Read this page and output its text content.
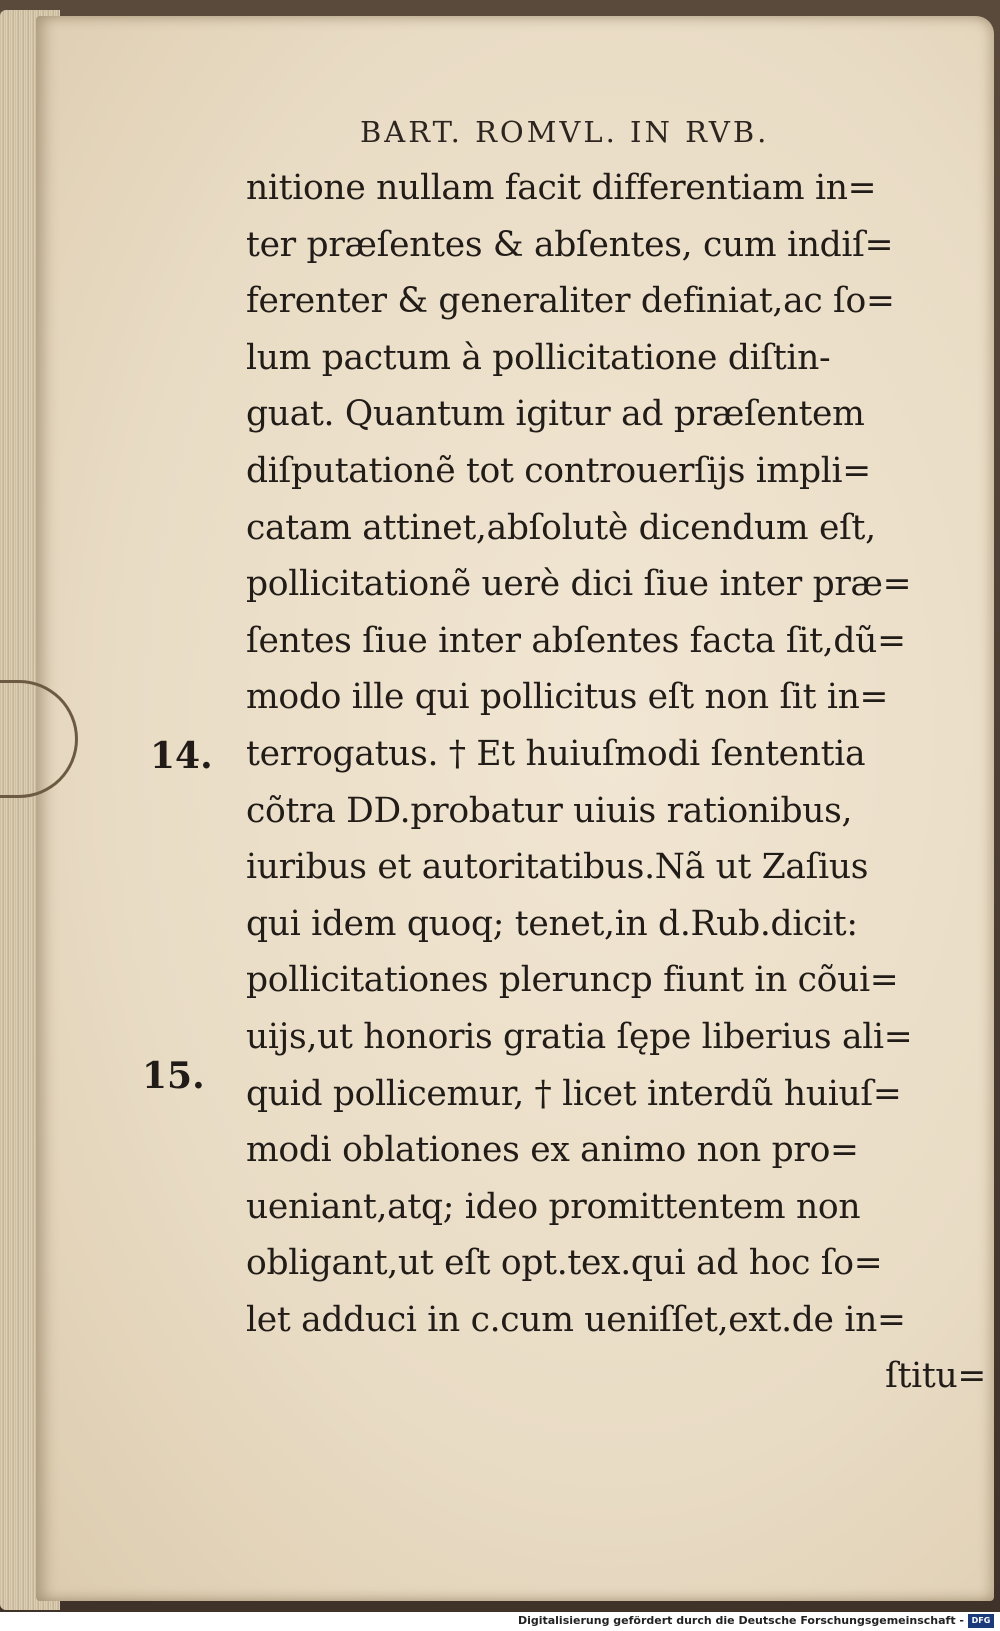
BART. ROMVL. IN RVB.
nitione nullam facit differentiam in=
ter præſentes & abſentes, cum indiſ=
ferenter & generaliter definiat,ac ſo=
lum pactum à pollicitatione diſtin-
guat. Quantum igitur ad præſentem
diſputationẽ tot controuerſijs impli=
catam attinet,abſolutè dicendum eſt,
pollicitationẽ uerè dici ſiue inter præ=
ſentes ſiue inter abſentes facta ſit,dũ=
modo ille qui pollicitus eſt non ſit in=
terrogatus. † Et huiuſmodi ſententia
cõtra DD.probatur uiuis rationibus,
iuribus et autoritatibus.Nã ut Zaſius
qui idem quoq; tenet,in d.Rub.dicit:
pollicitationes pleruncp fiunt in cõui=
uijs,ut honoris gratia ſępe liberius ali=
quid pollicemur, † licet interdũ huiuſ=
modi oblationes ex animo non pro=
ueniant,atq; ideo promittentem non
obligant,ut eſt opt.tex.qui ad hoc ſo=
let adduci in c.cum ueniſſet,ext.de in=
ſtitu=
14.
15.
Digitalisierung gefördert durch die Deutsche Forschungsgemeinschaft - DFG
